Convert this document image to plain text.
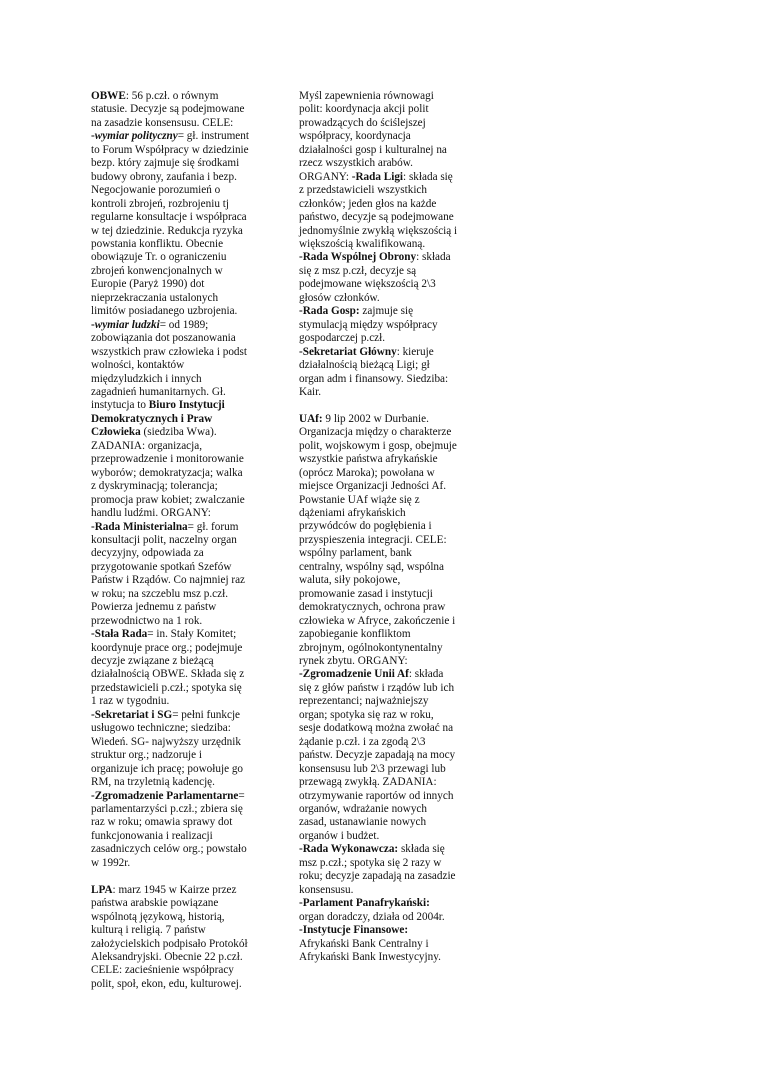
OBWE: 56 p.czł. o równym
statusie. Decyzje są podejmowane
na zasadzie konsensusu. CELE:
-wymiar polityczny= gł. instrument
to Forum Współpracy w dziedzinie
bezp. który zajmuje się środkami
budowy obrony, zaufania i bezp.
Negocjowanie porozumień o
kontroli zbrojeń, rozbrojeniu tj
regularne konsultacje i współpraca
w tej dziedzinie. Redukcja ryzyka
powstania konfliktu. Obecnie
obowiązuje Tr. o ograniczeniu
zbrojeń konwencjonalnych w
Europie (Paryż 1990) dot
nieprzekraczania ustalonych
limitów posiadanego uzbrojenia.
-wymiar ludzki= od 1989;
zobowiązania dot poszanowania
wszystkich praw człowieka i podst
wolności, kontaktów
międzyludzkich i innych
zagadnień humanitarnych. Gł.
instytucja to Biuro Instytucji
Demokratycznych i Praw
Człowieka (siedziba Wwa).
ZADANIA: organizacja,
przeprowadzenie i monitorowanie
wyborów; demokratyzacja; walka
z dyskryminacją; tolerancja;
promocja praw kobiet; zwalczanie
handlu ludźmi. ORGANY:
-Rada Ministerialna= gł. forum
konsultacji polit, naczelny organ
decyzyjny, odpowiada za
przygotowanie spotkań Szefów
Państw i Rządów. Co najmniej raz
w roku; na szczeblu msz p.czł.
Powierza jednemu z państw
przewodnictwo na 1 rok.
-Stała Rada= in. Stały Komitet;
koordynuje prace org.; podejmuje
decyzje związane z bieżącą
działalnością OBWE. Składa się z
przedstawicieli p.czł.; spotyka się
1 raz w tygodniu.
-Sekretariat i SG= pełni funkcje
usługowo techniczne; siedziba:
Wiedeń. SG- najwyższy urzędnik
struktur org.; nadzoruje i
organizuje ich pracę; powołuje go
RM, na trzyletnią kadencję.
-Zgromadzenie Parlamentarne=
parlamentarzyści p.czł.; zbiera się
raz w roku; omawia sprawy dot
funkcjonowania i realizacji
zasadniczych celów org.; powstało
w 1992r.
LPA: marz 1945 w Kairze przez
państwa arabskie powiązane
wspólnotą językową, historią,
kulturą i religią. 7 państw
założycielskich podpisało Protokół
Aleksandryjski. Obecnie 22 p.czł.
CELE: zacieśnienie współpracy
polit, społ, ekon, edu, kulturowej.
Myśl zapewnienia równowagi
polit: koordynacja akcji polit
prowadzących do ściślejszej
współpracy, koordynacja
działalności gosp i kulturalnej na
rzecz wszystkich arabów.
ORGANY: -Rada Ligi: składa się
z przedstawicieli wszystkich
członków; jeden głos na każde
państwo, decyzje są podejmowane
jednomyślnie zwykłą większością i
większością kwalifikowaną.
-Rada Wspólnej Obrony: składa
się z msz p.czł, decyzje są
podejmowane większością 2\3
głosów członków.
-Rada Gosp: zajmuje się
stymulacją między współpracy
gospodarczej p.czł.
-Sekretariat Główny: kieruje
działalnością bieżącą Ligi; gł
organ adm i finansowy. Siedziba:
Kair.
UAf: 9 lip 2002 w Durbanie.
Organizacja między o charakterze
polit, wojskowym i gosp, obejmuje
wszystkie państwa afrykańskie
(oprócz Maroka); powołana w
miejsce Organizacji Jedności Af.
Powstanie UAf wiąże się z
dążeniami afrykańskich
przywódców do pogłębienia i
przyspieszenia integracji. CELE:
wspólny parlament, bank
centralny, wspólny sąd, wspólna
waluta, siły pokojowe,
promowanie zasad i instytucji
demokratycznych, ochrona praw
człowieka w Afryce, zakończenie i
zapobieganie konfliktom
zbrojnym, ogólnokontynentalny
rynek zbytu. ORGANY:
-Zgromadzenie Unii Af: składa
się z głów państw i rządów lub ich
reprezentanci; najważniejszy
organ; spotyka się raz w roku,
sesje dodatkową można zwołać na
żądanie p.czł. i za zgodą 2\3
państw. Decyzje zapadają na mocy
konsensusu lub 2\3 przewagi lub
przewagą zwykłą. ZADANIA:
otrzymywanie raportów od innych
organów, wdrażanie nowych
zasad, ustanawianie nowych
organów i budżet.
-Rada Wykonawcza: składa się
msz p.czł.; spotyka się 2 razy w
roku; decyzje zapadają na zasadzie
konsensusu.
-Parlament Panafrykański:
organ doradczy, działa od 2004r.
-Instytucje Finansowe:
Afrykański Bank Centralny i
Afrykański Bank Inwestycyjny.
